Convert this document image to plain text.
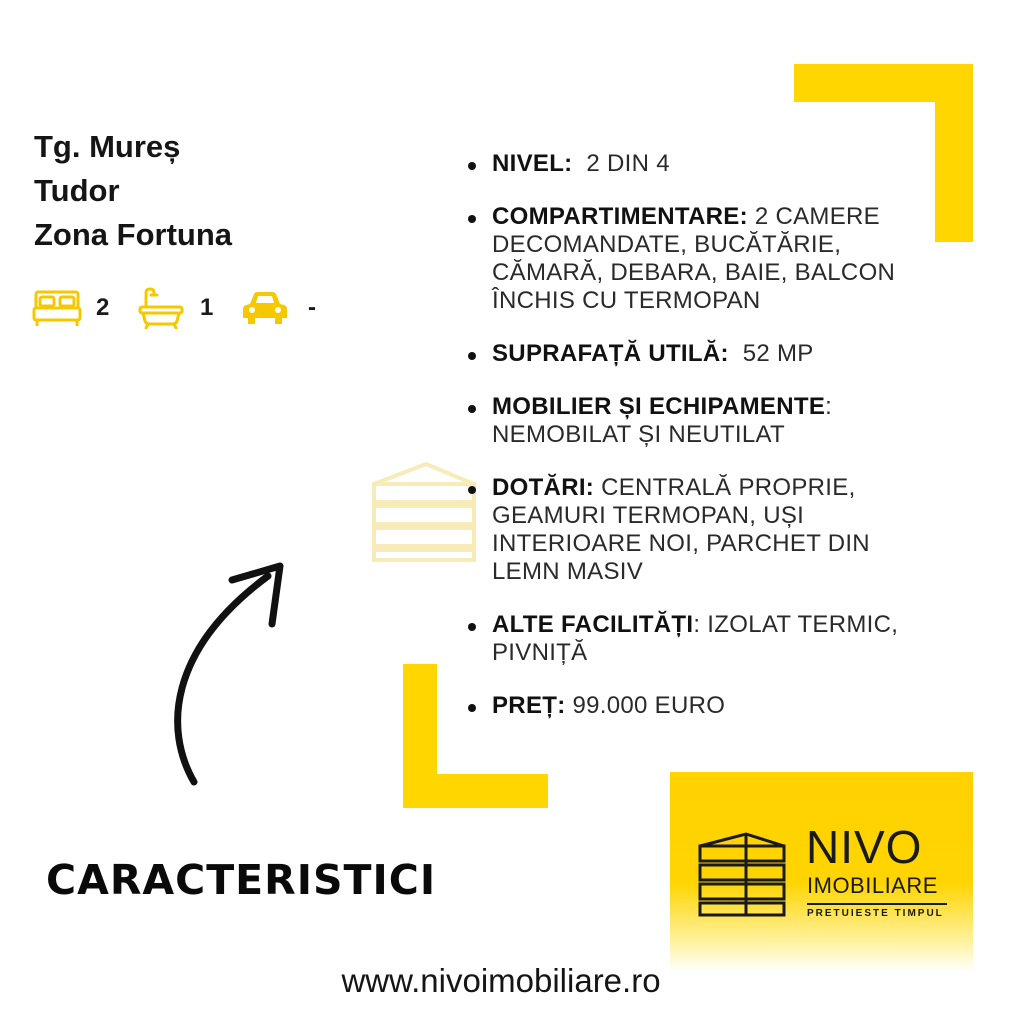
Tg. Mureș
Tudor
Zona Fortuna
2	1	-
NIVEL: 2 DIN 4
COMPARTIMENTARE: 2 CAMERE DECOMANDATE, BUCĂTĂRIE, CĂMARĂ, DEBARA, BAIE, BALCON ÎNCHIS CU TERMOPAN
SUPRAFAȚĂ UTILĂ: 52 MP
MOBILIER ȘI ECHIPAMENTE: NEMOBILAT ȘI NEUTILAT
DOTĂRI: CENTRALĂ PROPRIE, GEAMURI TERMOPAN, UȘI INTERIOARE NOI, PARCHET DIN LEMN MASIV
ALTE FACILITĂȚI: IZOLAT TERMIC, PIVNIȚĂ
PREȚ: 99.000 EURO
CARACTERISTICI
NIVO
IMOBILIARE
PRETUIESTE TIMPUL
www.nivoimobiliare.ro
